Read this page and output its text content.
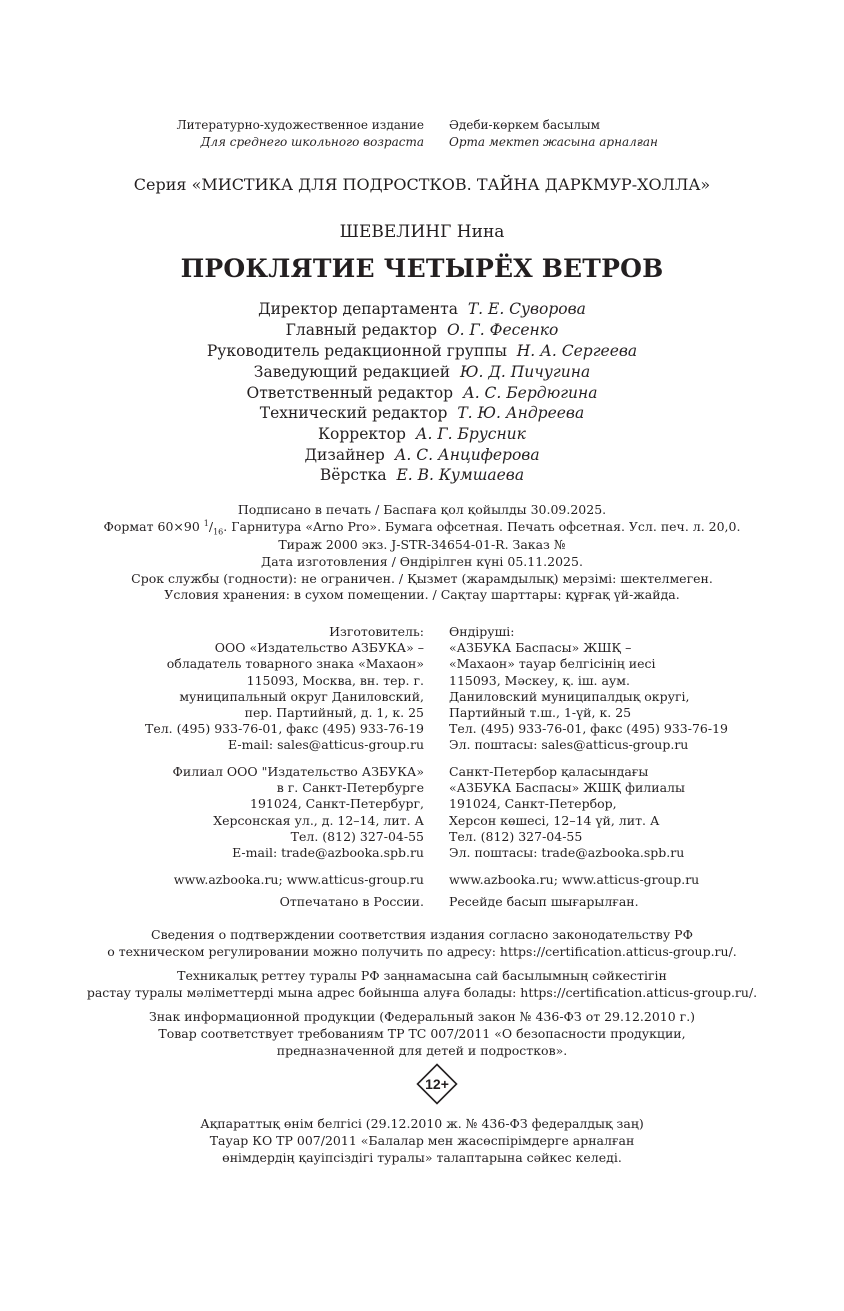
Литературно-художественное издание
Для среднего школьного возраста
Әдеби-көркем басылым
Орта мектеп жасына арналған
Серия «МИСТИКА ДЛЯ ПОДРОСТКОВ. ТАЙНА ДАРКМУР-ХОЛЛА»
ШЕВЕЛИНГ Нина
ПРОКЛЯТИЕ ЧЕТЫРЁХ ВЕТРОВ
Директор департамента Т. Е. Суворова
Главный редактор О. Г. Фесенко
Руководитель редакционной группы Н. А. Сергеева
Заведующий редакцией Ю. Д. Пичугина
Ответственный редактор А. С. Бердюгина
Технический редактор Т. Ю. Андреева
Корректор А. Г. Брусник
Дизайнер А. С. Анциферова
Вёрстка Е. В. Кумшаева
Подписано в печать / Баспаға қол қойылды 30.09.2025.
Формат 60×90 $^1/_{16}$. Гарнитура «Arno Pro». Бумага офсетная. Печать офсетная. Усл. печ. л. 20,0.
Тираж 2000 экз. J-STR-34654-01-R. Заказ №
Дата изготовления / Өндірілген күні 05.11.2025.
Срок службы (годности): не ограничен. / Қызмет (жарамдылық) мерзімі: шектелмеген.
Условия хранения: в сухом помещении. / Сақтау шарттары: құрғақ үй-жайда.
Изготовитель:
ООО «Издательство АЗБУКА» –
обладатель товарного знака «Махаон»
115093, Москва, вн. тер. г.
муниципальный округ Даниловский,
пер. Партийный, д. 1, к. 25
Тел. (495) 933-76-01, факс (495) 933-76-19
E-mail: sales@atticus-group.ru
Өндіруші:
«АЗБУКА Баспасы» ЖШҚ –
«Махаон» тауар белгісінің иесі
115093, Мәскеу, қ. іш. аум.
Даниловский муниципалдық округі,
Партийный т.ш., 1-үй, к. 25
Тел. (495) 933-76-01, факс (495) 933-76-19
Эл. поштасы: sales@atticus-group.ru
Филиал ООО "Издательство АЗБУКА»
в г. Санкт-Петербурге
191024, Санкт-Петербург,
Херсонская ул., д. 12–14, лит. А
Тел. (812) 327-04-55
E-mail: trade@azbooka.spb.ru
Санкт-Петербор қаласындағы
«АЗБУКА Баспасы» ЖШҚ филиалы
191024, Санкт-Петербор,
Херсон көшесі, 12–14 үй, лит. А
Тел. (812) 327-04-55
Эл. поштасы: trade@azbooka.spb.ru
www.azbooka.ru; www.atticus-group.ru www.azbooka.ru; www.atticus-group.ru
Отпечатано в России. Ресейде басып шығарылған.
Сведения о подтверждении соответствия издания согласно законодательству РФ
о техническом регулировании можно получить по адресу: https://certification.atticus-group.ru/.
Техникалық реттеу туралы РФ заңнамасына сай басылымның сәйкестігін
растау туралы мәліметтерді мына адрес бойынша алуға болады: https://certification.atticus-group.ru/.
Знак информационной продукции (Федеральный закон № 436-ФЗ от 29.12.2010 г.)
Товар соответствует требованиям ТР ТС 007/2011 «О безопасности продукции,
предназначенной для детей и подростков».
12+
Ақпараттық өнім белгісі (29.12.2010 ж. № 436-ФЗ федералдық заң)
Тауар КО ТР 007/2011 «Балалар мен жасөспірімдерге арналған
өнімдердің қауіпсіздігі туралы» талаптарына сәйкес келеді.
